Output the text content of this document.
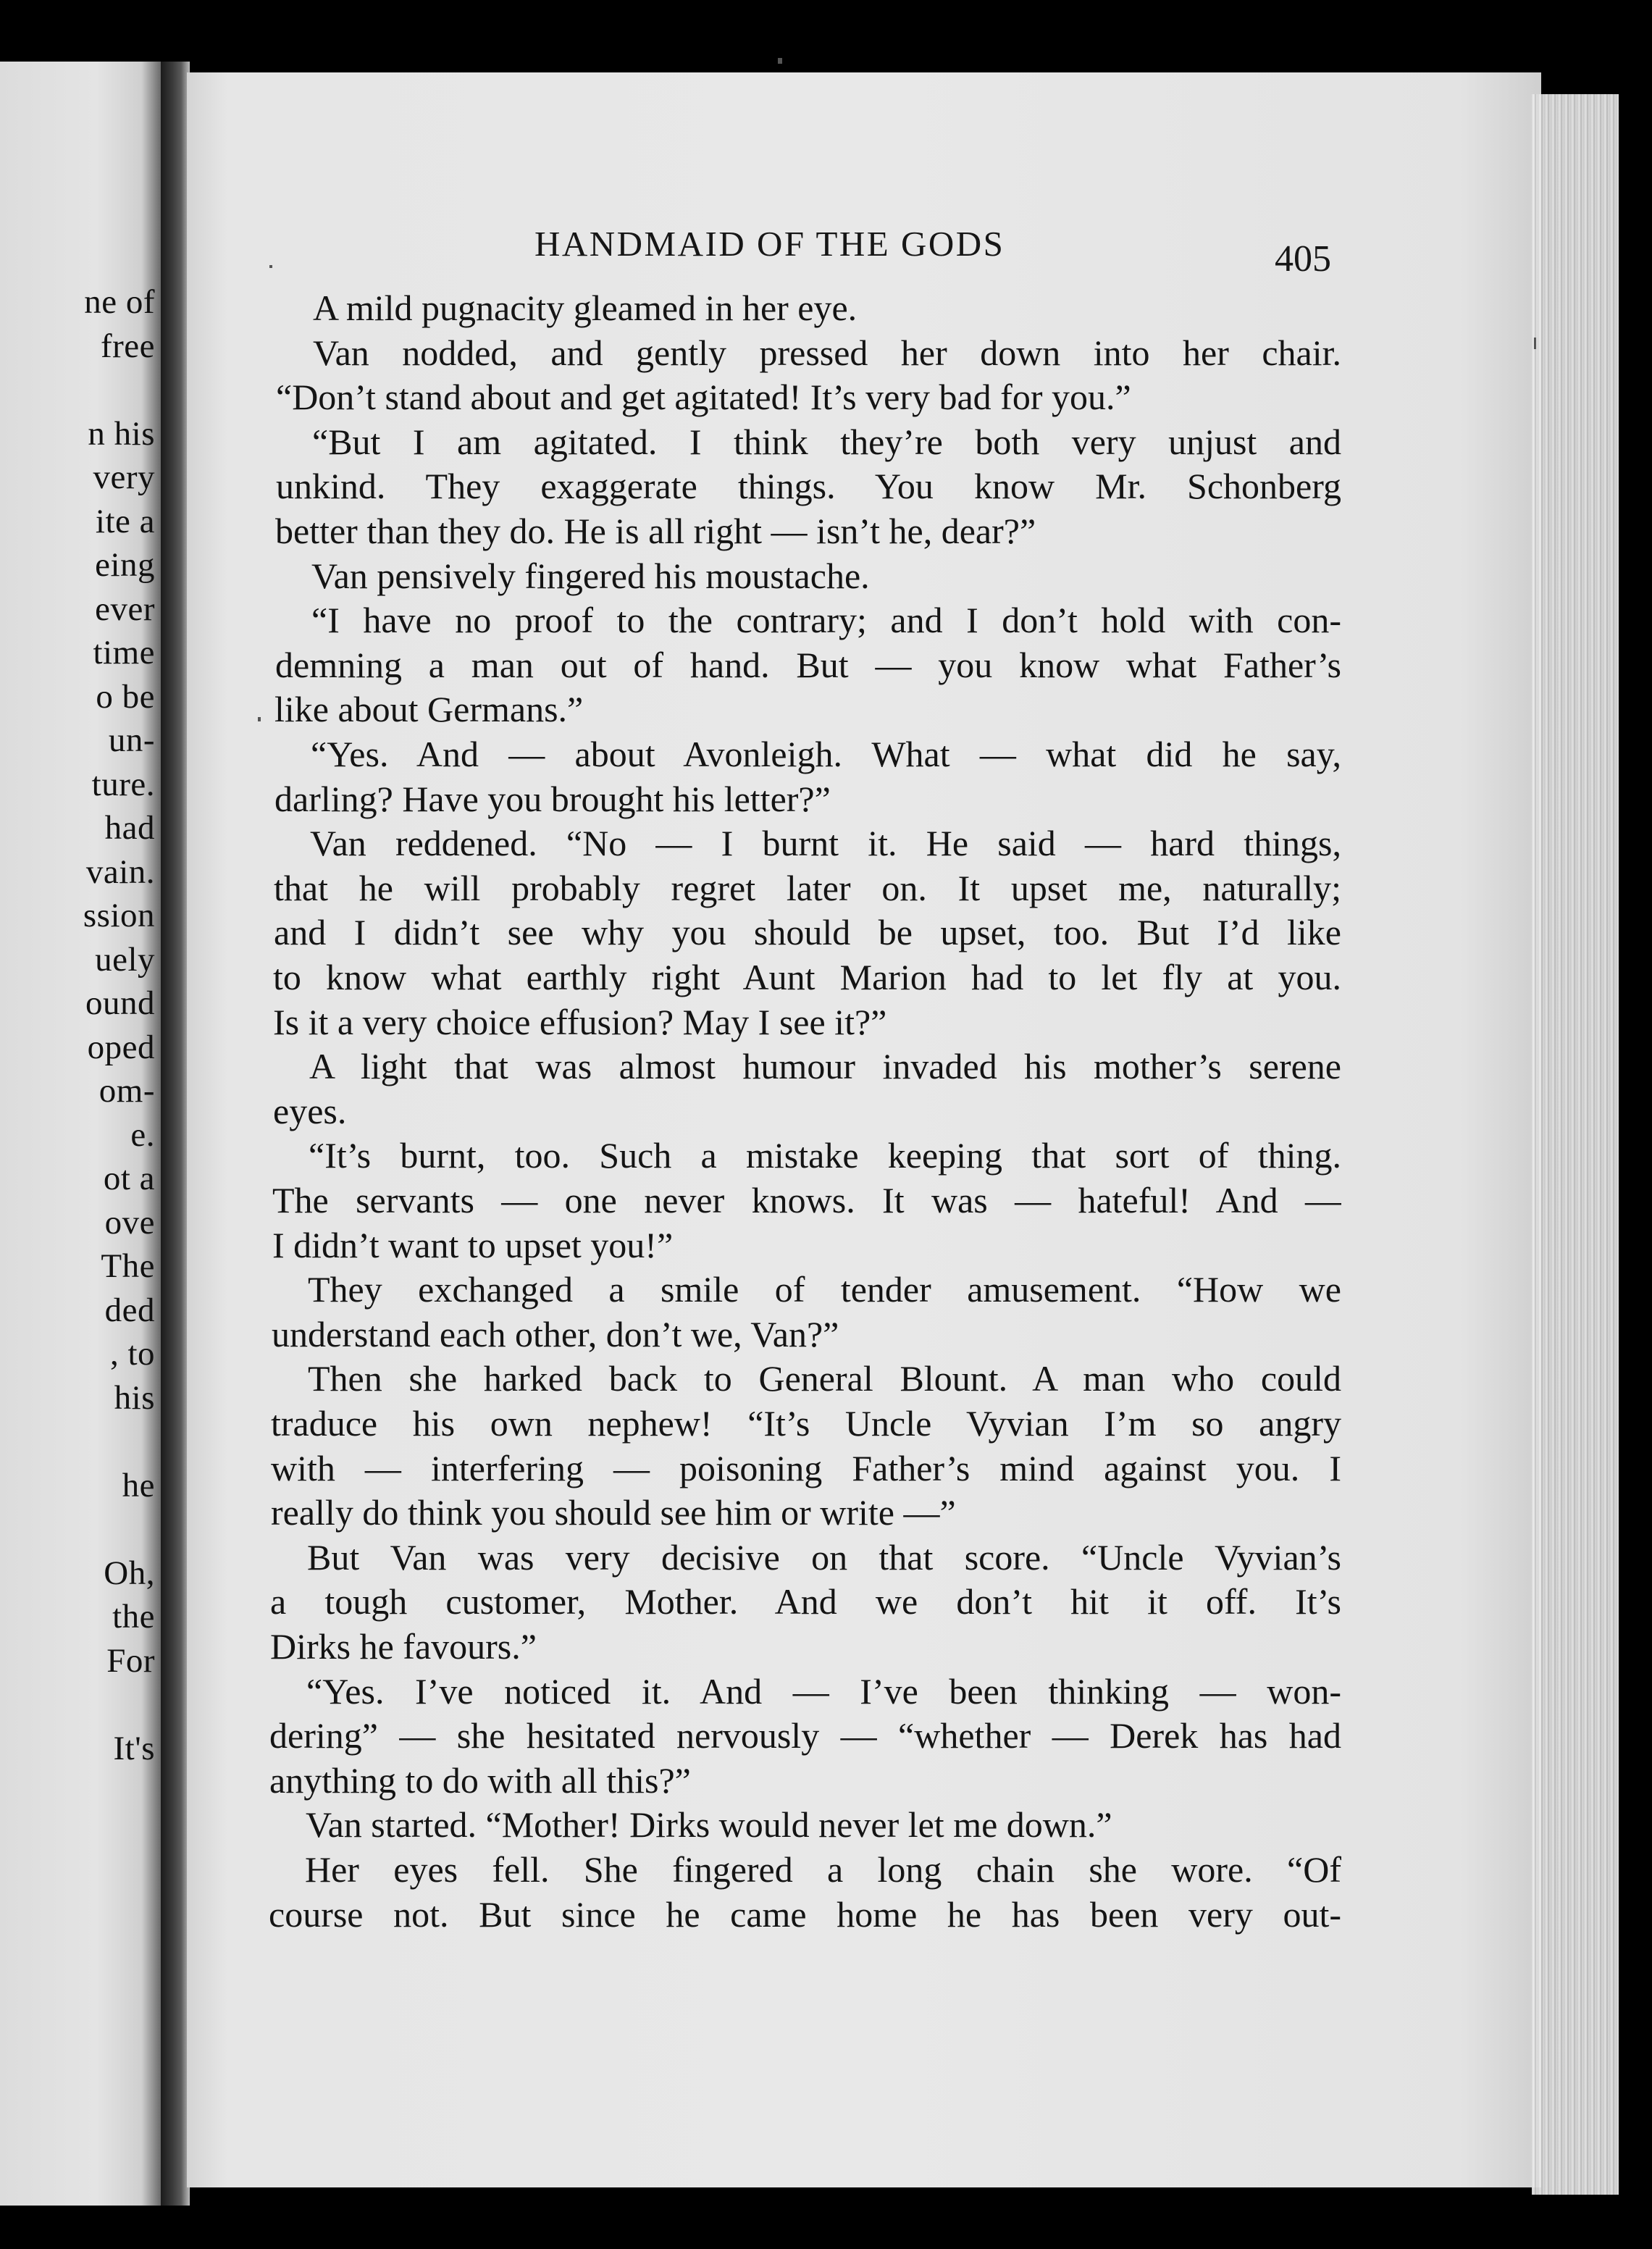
ne of
free
n his
very
ite a
eing
ever
time
o be
un-
ture.
had
vain.
ssion
uely
ound
oped
om-
e.
ot a
ove
The
ded
, to
his
he
Oh,
the
For
It's
HANDMAID OF THE GODS	405
A mild pugnacity gleamed in her eye.
Van nodded, and gently pressed her down into her chair.
“Don’t stand about and get agitated! It’s very bad for you.”
“But I am agitated. I think they’re both very unjust and
unkind. They exaggerate things. You know Mr. Schonberg
better than they do. He is all right — isn’t he, dear?”
Van pensively fingered his moustache.
“I have no proof to the contrary; and I don’t hold with con-
demning a man out of hand. But — you know what Father’s
like about Germans.”
“Yes. And — about Avonleigh. What — what did he say,
darling? Have you brought his letter?”
Van reddened. “No — I burnt it. He said — hard things,
that he will probably regret later on. It upset me, naturally;
and I didn’t see why you should be upset, too. But I’d like
to know what earthly right Aunt Marion had to let fly at you.
Is it a very choice effusion? May I see it?”
A light that was almost humour invaded his mother’s serene
eyes.
“It’s burnt, too. Such a mistake keeping that sort of thing.
The servants — one never knows. It was — hateful! And —
I didn’t want to upset you!”
They exchanged a smile of tender amusement. “How we
understand each other, don’t we, Van?”
Then she harked back to General Blount. A man who could
traduce his own nephew! “It’s Uncle Vyvian I’m so angry
with — interfering — poisoning Father’s mind against you. I
really do think you should see him or write —”
But Van was very decisive on that score. “Uncle Vyvian’s
a tough customer, Mother. And we don’t hit it off. It’s
Dirks he favours.”
“Yes. I’ve noticed it. And — I’ve been thinking — won-
dering” — she hesitated nervously — “whether — Derek has had
anything to do with all this?”
Van started. “Mother! Dirks would never let me down.”
Her eyes fell. She fingered a long chain she wore. “Of
course not. But since he came home he has been very out-
